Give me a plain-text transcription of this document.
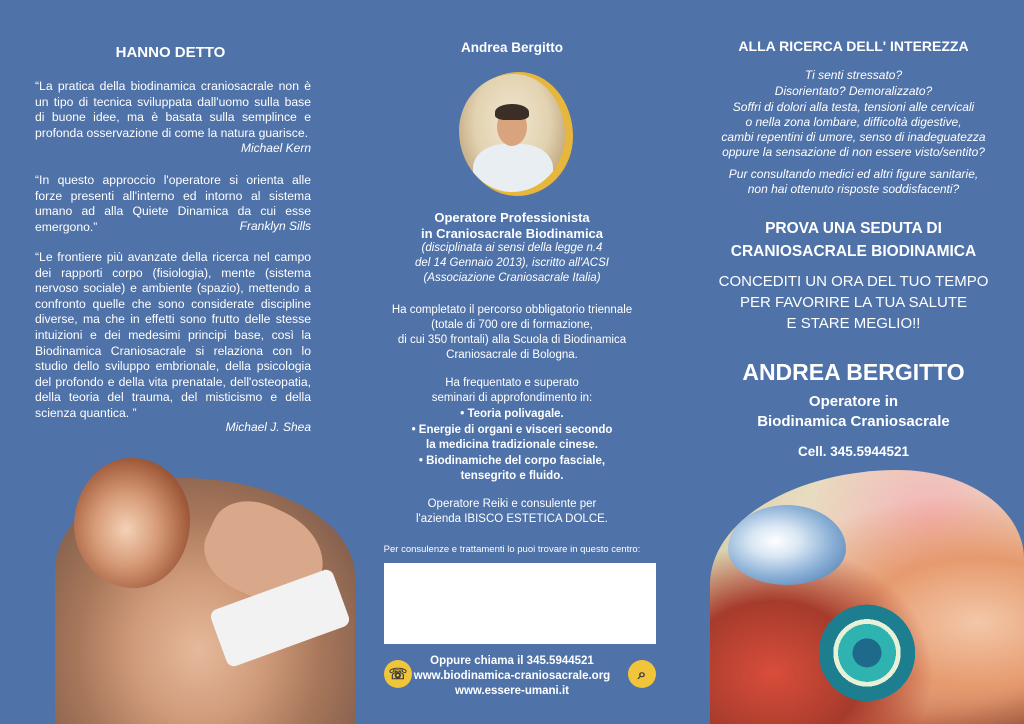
HANNO DETTO

“La pratica della biodinamica craniosacrale non è un tipo di tecnica sviluppata dall'uomo sulla base di buone idee, ma è basata sulla semplince e profonda osservazione di come la natura guarisce.

Michael Kern

“In questo approccio l'operatore si orienta alle forze presenti all'interno ed intorno al sistema umano ad alla Quiete Dinamica da cui esse emergono.”	Franklyn Sills

“Le frontiere più avanzate della ricerca nel campo dei rapporti corpo (fisiologia), mente (sistema nervoso sociale) e ambiente (spazio), mettendo a confronto quelle che sono considerate discipline diverse, ma che in effetti sono frutto delle stesse intuizioni e dei medesimi principi base, così la Biodinamica Craniosacrale si relaziona con lo studio dello sviluppo embrionale, della psicologia del profondo e della vita prenatale, dell'osteopatia, della teoria del trauma, del misticismo e della scienza quantica. ”

Michael J. Shea

Andrea Bergitto

Operatore Professionista

in Craniosacrale Biodinamica

(disciplinata ai sensi della legge n.4

del 14 Gennaio 2013), iscritto all'ACSI

(Associazione Craniosacrale Italia)

Ha completato il percorso obbligatorio triennale

(totale di 700 ore di formazione,

di cui 350 frontali) alla Scuola di Biodinamica

Craniosacrale di Bologna.

Ha frequentato e superato

seminari di approfondimento in:

• Teoria polivagale.

• Energie di organi e visceri secondo

la medicina tradizionale cinese.

• Biodinamiche del corpo fasciale,

tensegrito e fluido.

Operatore Reiki e consulente per

l'azienda IBISCO ESTETICA DOLCE.

Per consulenze e trattamenti lo puoi trovare in questo centro:

☏

Oppure chiama il 345.5944521

www.biodinamica-craniosacrale.org

www.essere-umani.it

⌕
ALLA RICERCA DELL' INTEREZZA

Ti senti stressato?

Disorientato? Demoralizzato?

Soffri di dolori alla testa, tensioni alle cervicali

o nella zona lombare, difficoltà digestive,

cambi repentini di umore, senso di inadeguatezza

oppure la sensazione di non essere visto/sentito?

Pur consultando medici ed altri figure sanitarie,

non hai ottenuto risposte soddisfacenti?

PROVA UNA SEDUTA DI

CRANIOSACRALE BIODINAMICA

CONCEDITI UN ORA DEL TUO TEMPO

PER FAVORIRE LA TUA SALUTE

E STARE MEGLIO!!

ANDREA BERGITTO

Operatore in

Biodinamica Craniosacrale

Cell. 345.5944521
